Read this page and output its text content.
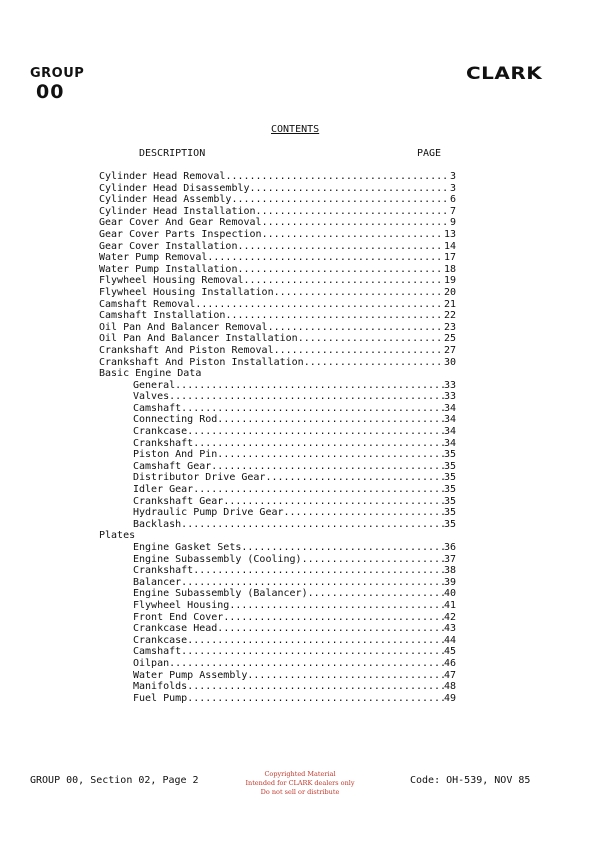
GROUP
00
CLARK
CONTENTS
DESCRIPTION	PAGE
Cylinder Head Removal .....	3
Cylinder Head Disassembly .....	3
Cylinder Head Assembly .....	6
Cylinder Head Installation .....	7
Gear Cover And Gear Removal .....	9
Gear Cover Parts Inspection .....	13
Gear Cover Installation .....	14
Water Pump Removal .....	17
Water Pump Installation .....	18
Flywheel Housing Removal .....	19
Flywheel Housing Installation .....	20
Camshaft Removal .....	21
Camshaft Installation .....	22
Oil Pan And Balancer Removal .....	23
Oil Pan And Balancer Installation .....	25
Crankshaft And Piston Removal .....	27
Crankshaft And Piston Installation .....	30
Basic Engine Data
General .....	33
Valves .....	33
Camshaft .....	34
Connecting Rod .....	34
Crankcase .....	34
Crankshaft .....	34
Piston And Pin .....	35
Camshaft Gear .....	35
Distributor Drive Gear .....	35
Idler Gear .....	35
Crankshaft Gear .....	35
Hydraulic Pump Drive Gear .....	35
Backlash .....	35
Plates
Engine Gasket Sets .....	36
Engine Subassembly (Cooling) .....	37
Crankshaft .....	38
Balancer .....	39
Engine Subassembly (Balancer) .....	40
Flywheel Housing .....	41
Front End Cover .....	42
Crankcase Head .....	43
Crankcase .....	44
Camshaft .....	45
Oilpan .....	46
Water Pump Assembly .....	47
Manifolds .....	48
Fuel Pump .....	49
GROUP 00, Section 02, Page 2
Copyrighted Material
Intended for CLARK dealers only
Do not sell or distribute
Code: OH-539, NOV 85
